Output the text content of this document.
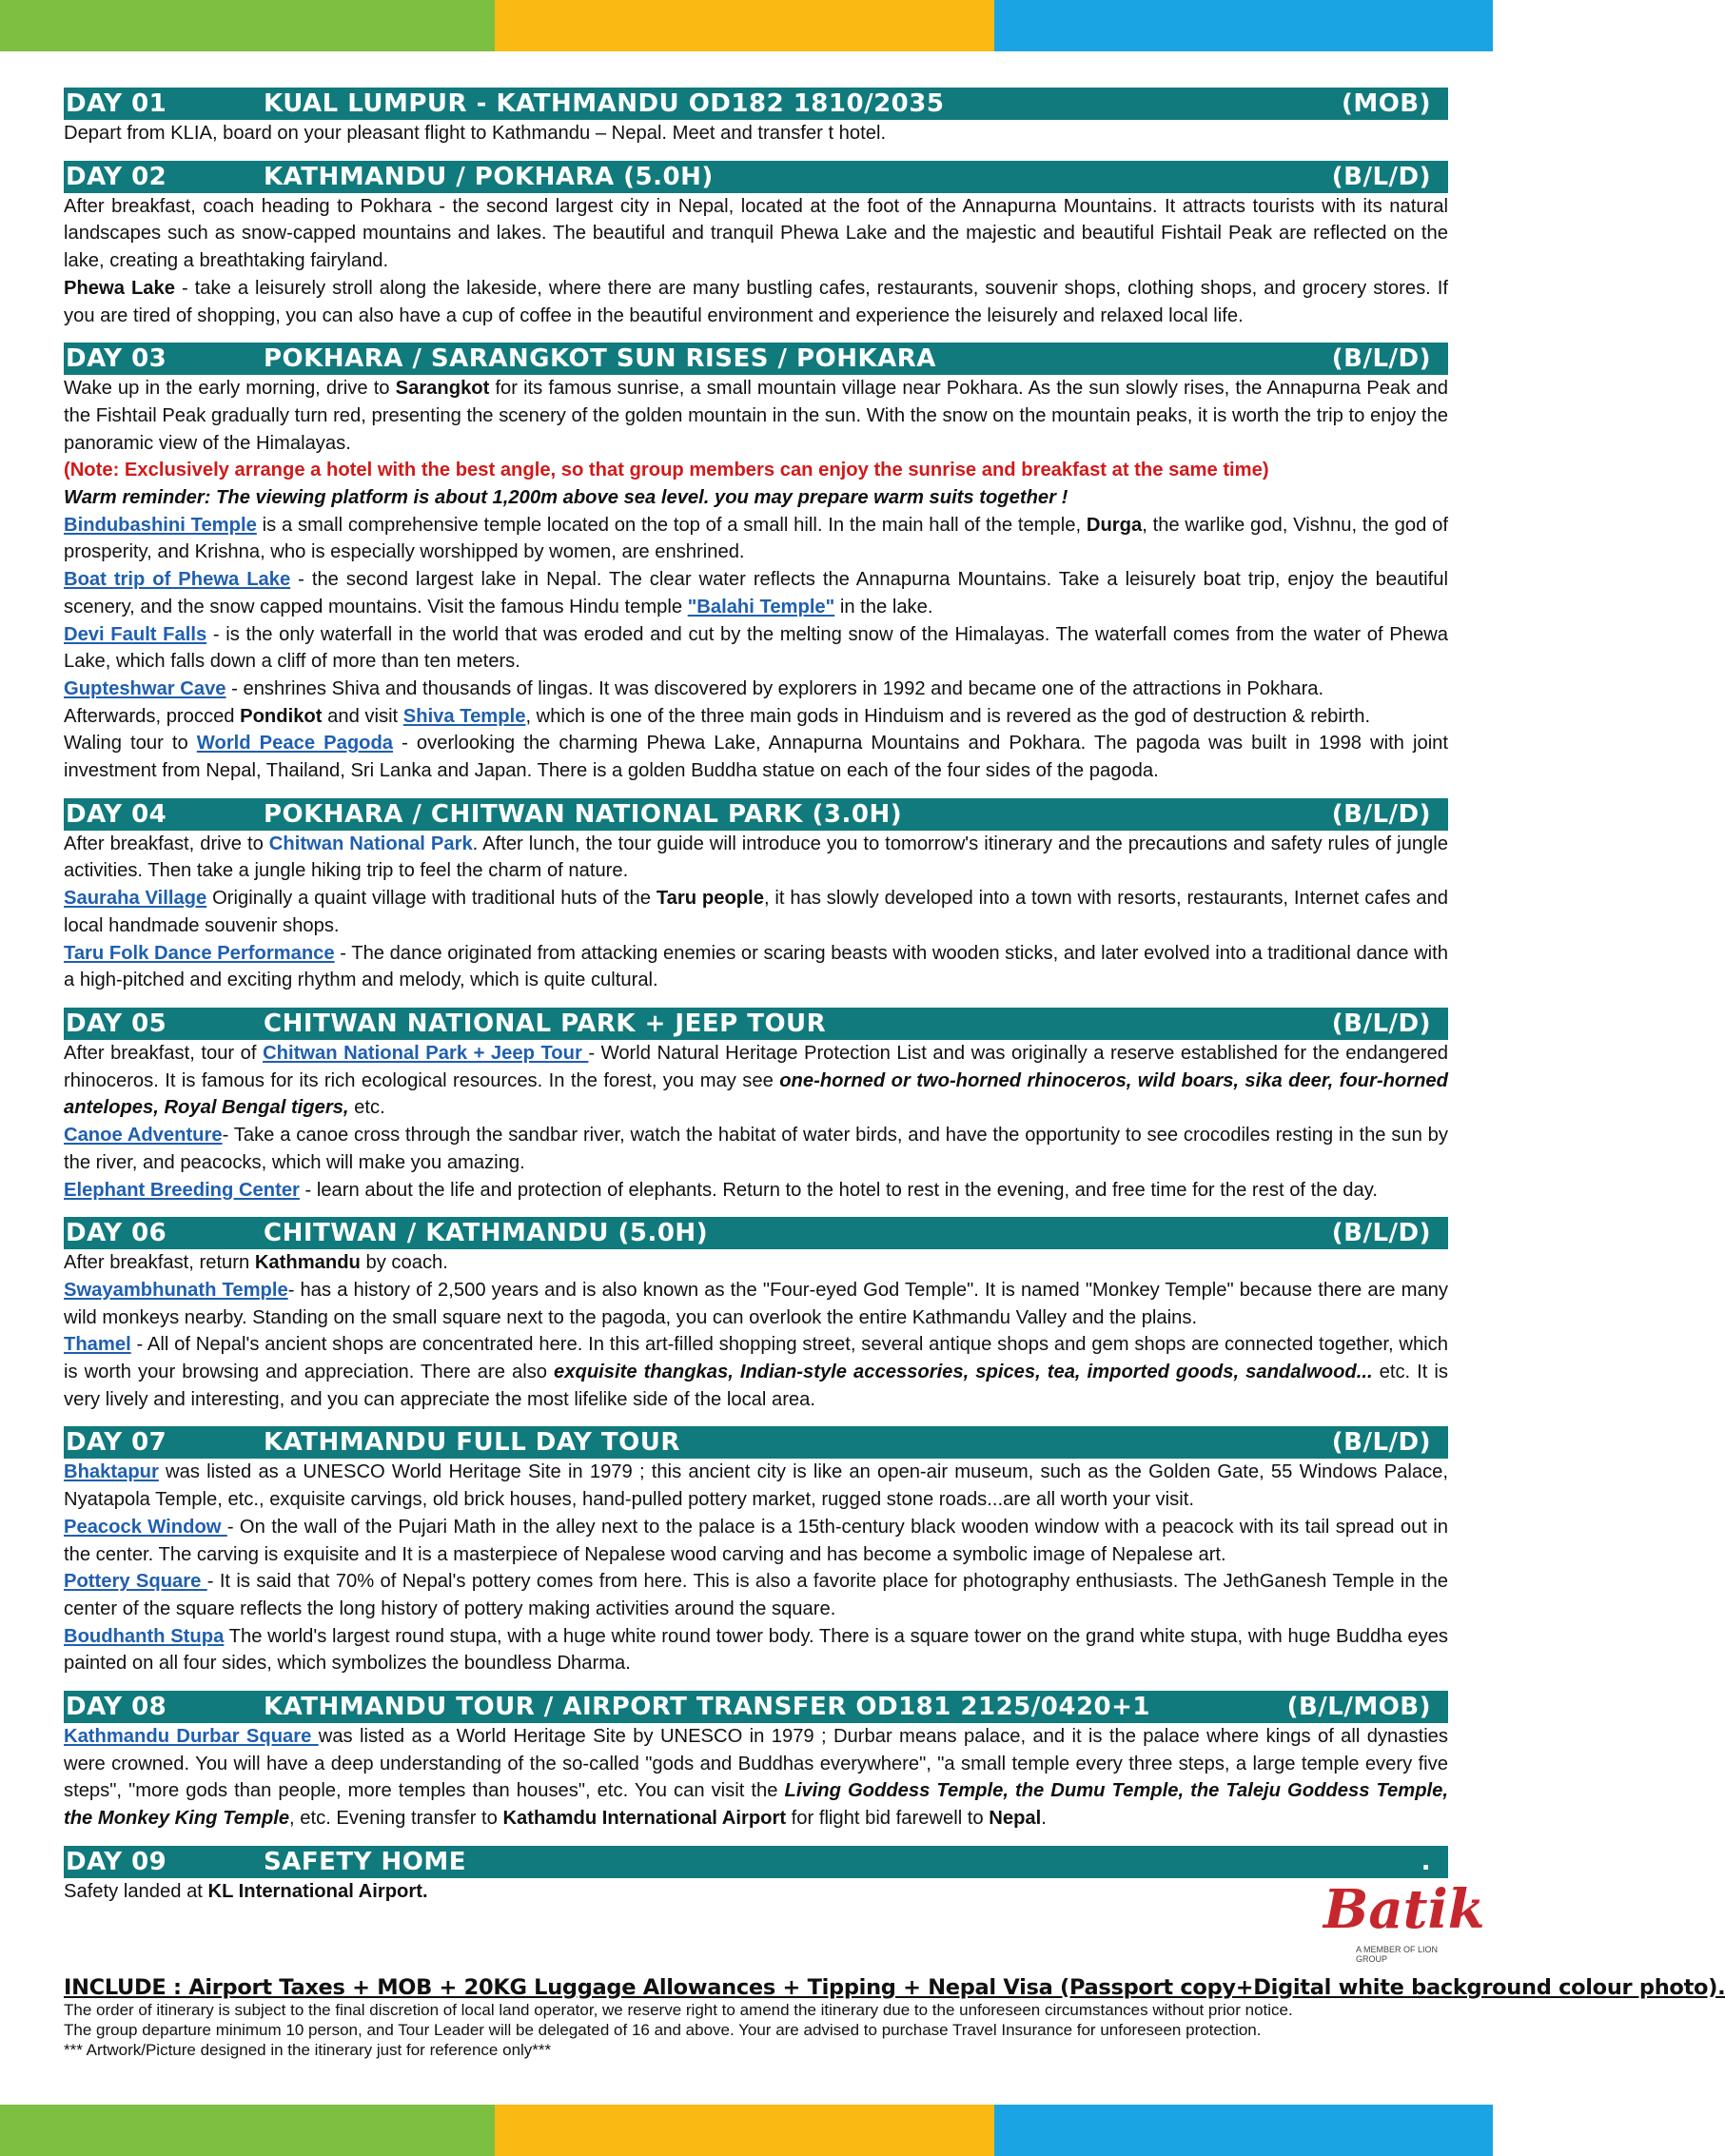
DAY 01	KUAL LUMPUR - KATHMANDU OD182 1810/2035	(MOB)

Depart from KLIA, board on your pleasant flight to Kathmandu – Nepal. Meet and transfer t hotel.

DAY 02	KATHMANDU / POKHARA (5.0H)	(B/L/D)

After breakfast, coach heading to Pokhara - the second largest city in Nepal, located at the foot of the Annapurna Mountains. It attracts tourists with its natural landscapes such as snow-capped mountains and lakes. The beautiful and tranquil Phewa Lake and the majestic and beautiful Fishtail Peak are reflected on the lake, creating a breathtaking fairyland.

Phewa Lake - take a leisurely stroll along the lakeside, where there are many bustling cafes, restaurants, souvenir shops, clothing shops, and grocery stores. If you are tired of shopping, you can also have a cup of coffee in the beautiful environment and experience the leisurely and relaxed local life.

DAY 03	POKHARA / SARANGKOT SUN RISES / POHKARA	(B/L/D)

Wake up in the early morning, drive to Sarangkot for its famous sunrise, a small mountain village near Pokhara. As the sun slowly rises, the Annapurna Peak and the Fishtail Peak gradually turn red, presenting the scenery of the golden mountain in the sun. With the snow on the mountain peaks, it is worth the trip to enjoy the panoramic view of the Himalayas.

(Note: Exclusively arrange a hotel with the best angle, so that group members can enjoy the sunrise and breakfast at the same time)

Warm reminder: The viewing platform is about 1,200m above sea level. you may prepare warm suits together !

Bindubashini Temple is a small comprehensive temple located on the top of a small hill. In the main hall of the temple, Durga, the warlike god, Vishnu, the god of prosperity, and Krishna, who is especially worshipped by women, are enshrined.

Boat trip of Phewa Lake - the second largest lake in Nepal. The clear water reflects the Annapurna Mountains. Take a leisurely boat trip, enjoy the beautiful scenery, and the snow capped mountains. Visit the famous Hindu temple "Balahi Temple" in the lake.

Devi Fault Falls - is the only waterfall in the world that was eroded and cut by the melting snow of the Himalayas. The waterfall comes from the water of Phewa Lake, which falls down a cliff of more than ten meters.

Gupteshwar Cave - enshrines Shiva and thousands of lingas. It was discovered by explorers in 1992 and became one of the attractions in Pokhara.

Afterwards, procced Pondikot and visit Shiva Temple, which is one of the three main gods in Hinduism and is revered as the god of destruction & rebirth.

Waling tour to World Peace Pagoda - overlooking the charming Phewa Lake, Annapurna Mountains and Pokhara. The pagoda was built in 1998 with joint investment from Nepal, Thailand, Sri Lanka and Japan. There is a golden Buddha statue on each of the four sides of the pagoda.

DAY 04	POKHARA / CHITWAN NATIONAL PARK (3.0H)	(B/L/D)

After breakfast, drive to Chitwan National Park. After lunch, the tour guide will introduce you to tomorrow's itinerary and the precautions and safety rules of jungle activities. Then take a jungle hiking trip to feel the charm of nature.

Sauraha Village Originally a quaint village with traditional huts of the Taru people, it has slowly developed into a town with resorts, restaurants, Internet cafes and local handmade souvenir shops.

Taru Folk Dance Performance - The dance originated from attacking enemies or scaring beasts with wooden sticks, and later evolved into a traditional dance with a high-pitched and exciting rhythm and melody, which is quite cultural.

DAY 05	CHITWAN NATIONAL PARK + JEEP TOUR	(B/L/D)

After breakfast, tour of Chitwan National Park + Jeep Tour - World Natural Heritage Protection List and was originally a reserve established for the endangered rhinoceros. It is famous for its rich ecological resources. In the forest, you may see one-horned or two-horned rhinoceros, wild boars, sika deer, four-horned antelopes, Royal Bengal tigers, etc.

Canoe Adventure- Take a canoe cross through the sandbar river, watch the habitat of water birds, and have the opportunity to see crocodiles resting in the sun by the river, and peacocks, which will make you amazing.

Elephant Breeding Center - learn about the life and protection of elephants. Return to the hotel to rest in the evening, and free time for the rest of the day.

DAY 06	CHITWAN / KATHMANDU (5.0H)	(B/L/D)

After breakfast, return Kathmandu by coach.

Swayambhunath Temple- has a history of 2,500 years and is also known as the "Four-eyed God Temple". It is named "Monkey Temple" because there are many wild monkeys nearby. Standing on the small square next to the pagoda, you can overlook the entire Kathmandu Valley and the plains.

Thamel - All of Nepal's ancient shops are concentrated here. In this art-filled shopping street, several antique shops and gem shops are connected together, which is worth your browsing and appreciation. There are also exquisite thangkas, Indian-style accessories, spices, tea, imported goods, sandalwood... etc. It is very lively and interesting, and you can appreciate the most lifelike side of the local area.

DAY 07	KATHMANDU FULL DAY TOUR	(B/L/D)

Bhaktapur was listed as a UNESCO World Heritage Site in 1979 ; this ancient city is like an open-air museum, such as the Golden Gate, 55 Windows Palace, Nyatapola Temple, etc., exquisite carvings, old brick houses, hand-pulled pottery market, rugged stone roads...are all worth your visit.

Peacock Window - On the wall of the Pujari Math in the alley next to the palace is a 15th-century black wooden window with a peacock with its tail spread out in the center. The carving is exquisite and It is a masterpiece of Nepalese wood carving and has become a symbolic image of Nepalese art.

Pottery Square - It is said that 70% of Nepal's pottery comes from here. This is also a favorite place for photography enthusiasts. The JethGanesh Temple in the center of the square reflects the long history of pottery making activities around the square.

Boudhanth Stupa The world's largest round stupa, with a huge white round tower body. There is a square tower on the grand white stupa, with huge Buddha eyes painted on all four sides, which symbolizes the boundless Dharma.

DAY 08	KATHMANDU TOUR / AIRPORT TRANSFER OD181 2125/0420+1	(B/L/MOB)

Kathmandu Durbar Square was listed as a World Heritage Site by UNESCO in 1979 ; Durbar means palace, and it is the palace where kings of all dynasties were crowned. You will have a deep understanding of the so-called "gods and Buddhas everywhere", "a small temple every three steps, a large temple every five steps", "more gods than people, more temples than houses", etc. You can visit the Living Goddess Temple, the Dumu Temple, the Taleju Goddess Temple, the Monkey King Temple, etc. Evening transfer to Kathamdu International Airport for flight bid farewell to Nepal.

DAY 09	SAFETY HOME	.

Safety landed at KL International Airport.	Batik
A MEMBER OF LION GROUP
INCLUDE : Airport Taxes + MOB + 20KG Luggage Allowances + Tipping + Nepal Visa (Passport copy+Digital white background colour photo).

The order of itinerary is subject to the final discretion of local land operator, we reserve right to amend the itinerary due to the unforeseen circumstances without prior notice.

The group departure minimum 10 person, and Tour Leader will be delegated of 16 and above. Your are advised to purchase Travel Insurance for unforeseen protection.

*** Artwork/Picture designed in the itinerary just for reference only***
